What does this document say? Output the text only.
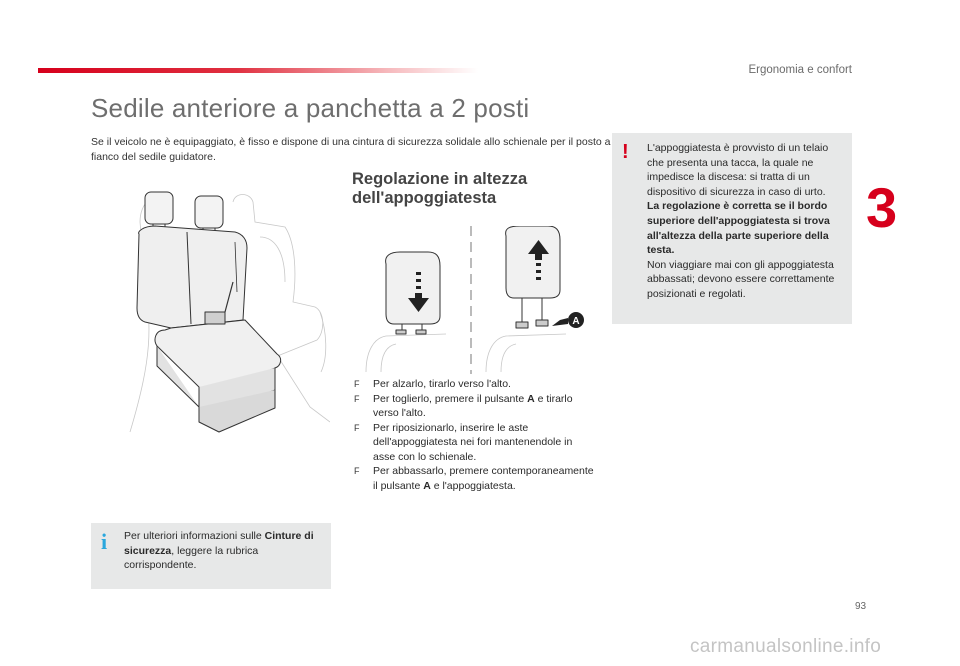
Ergonomia e confort
Sedile anteriore a panchetta a 2 posti
Se il veicolo ne è equipaggiato, è fisso e dispone di una cintura di sicurezza solidale allo schienale per il posto a fianco del sedile guidatore.
3
Regolazione in altezza
dell'appoggiatesta
A
F Per alzarlo, tirarlo verso l'alto.
F Per toglierlo, premere il pulsante A e tirarlo verso l'alto.
F Per riposizionarlo, inserire le aste dell'appoggiatesta nei fori mantenendole in asse con lo schienale.
F Per abbassarlo, premere contemporaneamente il pulsante A e l'appoggiatesta.
! L'appoggiatesta è provvisto di un telaio che presenta una tacca, la quale ne impedisce la discesa: si tratta di un dispositivo di sicurezza in caso di urto.
La regolazione è corretta se il bordo superiore dell'appoggiatesta si trova all'altezza della parte superiore della testa.
Non viaggiare mai con gli appoggiatesta abbassati; devono essere correttamente posizionati e regolati.
i Per ulteriori informazioni sulle Cinture di sicurezza, leggere la rubrica corrispondente.
93
carmanualsonline.info
